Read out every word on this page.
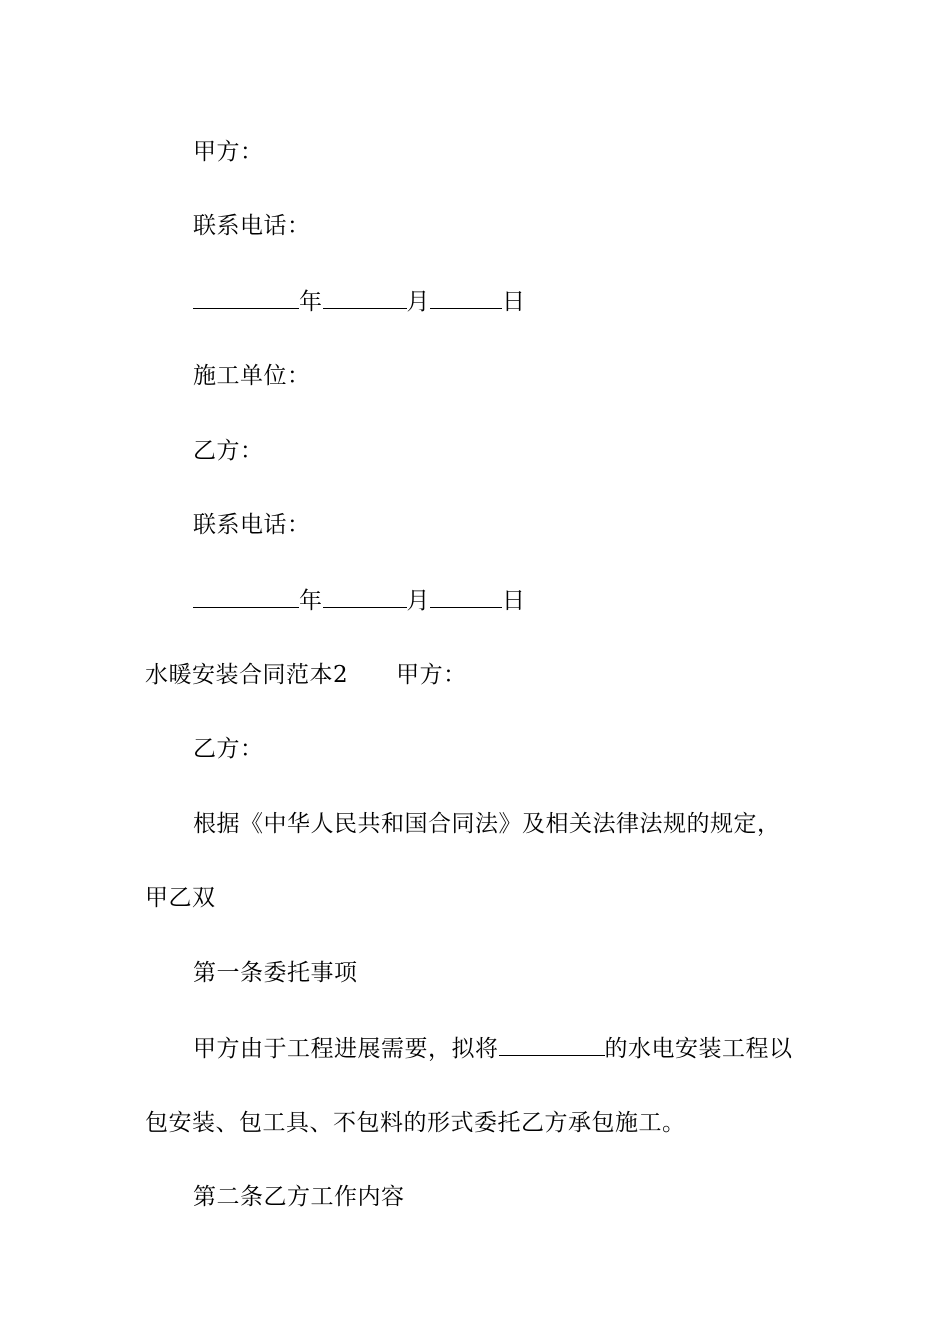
甲方：
联系电话：
年	月	日
施工单位：
乙方：
联系电话：
年	月	日
水暖安装合同范本2 甲方：
乙方：
根据《中华人民共和国合同法》及相关法律法规的规定，
甲乙双
第一条委托事项
甲方由于工程进展需要，拟将	的水电安装工程以
包安装、包工具、不包料的形式委托乙方承包施工。
第二条乙方工作内容
